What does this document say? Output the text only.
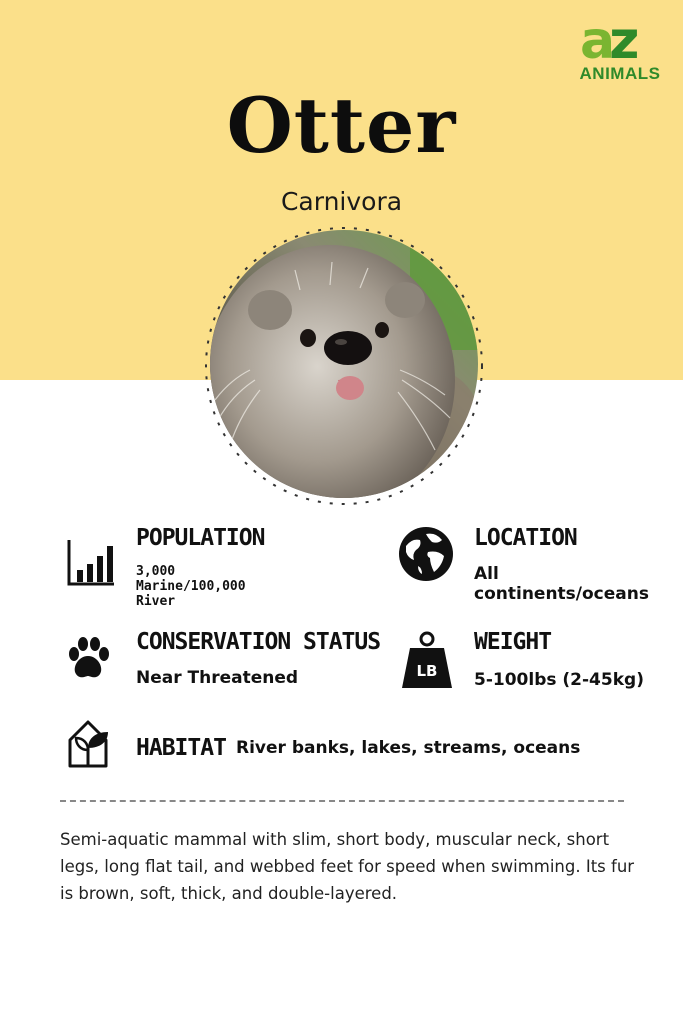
az
ANIMALS
Otter
Carnivora
POPULATION
3,000
Marine/100,000
River
LOCATION
All
continents/oceans
CONSERVATION STATUS
Near Threatened	LB
WEIGHT
5-100lbs (2-45kg)
HABITAT River banks, lakes, streams, oceans
Semi-aquatic mammal with slim, short body, muscular neck, short legs, long flat tail, and webbed feet for speed when swimming. Its fur is brown, soft, thick, and double-layered.
